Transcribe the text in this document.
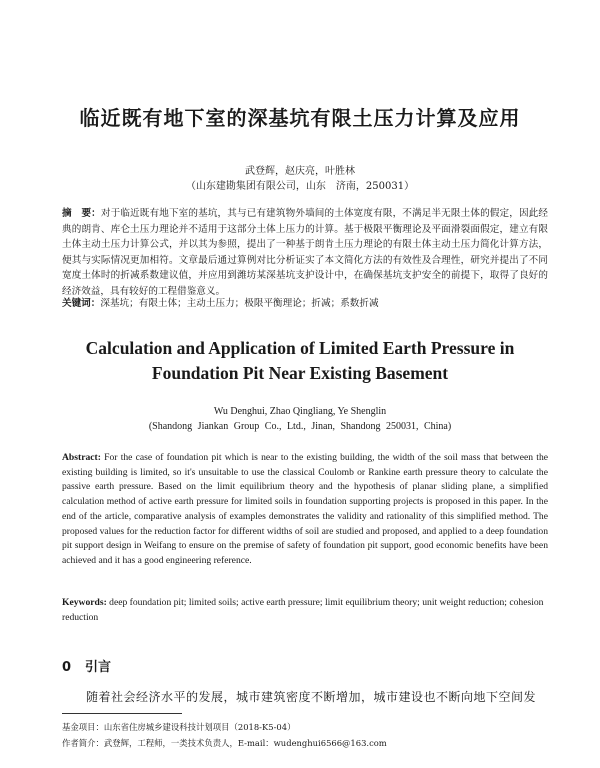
临近既有地下室的深基坑有限土压力计算及应用
武登辉，赵庆亮，叶胜林
（山东建勘集团有限公司，山东　济南，250031）
摘　要：对于临近既有地下室的基坑，其与已有建筑物外墙间的土体宽度有限，不满足半无限土体的假定，因此经典的朗肯、库仑土压力理论并不适用于这部分土体上压力的计算。基于极限平衡理论及平面滑裂面假定，建立有限土体主动土压力计算公式，并以其为参照，提出了一种基于朗肯土压力理论的有限土体主动土压力简化计算方法，便其与实际情况更加相符。文章最后通过算例对比分析证实了本文简化方法的有效性及合理性，研究并提出了不同宽度土体时的折减系数建议值，并应用到潍坊某深基坑支护设计中，在确保基坑支护安全的前提下，取得了良好的经济效益，具有较好的工程借鉴意义。
关键词：深基坑；有限土体；主动土压力；极限平衡理论；折减；系数折减
Calculation and Application of Limited Earth Pressure in
Foundation Pit Near Existing Basement
Wu Denghui, Zhao Qingliang, Ye Shenglin
(Shandong Jiankan Group Co., Ltd., Jinan, Shandong 250031, China)
Abstract: For the case of foundation pit which is near to the existing building, the width of the soil mass that between the existing building is limited, so it's unsuitable to use the classical Coulomb or Rankine earth pressure theory to calculate the passive earth pressure. Based on the limit equilibrium theory and the hypothesis of planar sliding plane, a simplified calculation method of active earth pressure for limited soils in foundation supporting projects is proposed in this paper. In the end of the article, comparative analysis of examples demonstrates the validity and rationality of this simplified method. The proposed values for the reduction factor for different widths of soil are studied and proposed, and applied to a deep foundation pit support design in Weifang to ensure on the premise of safety of foundation pit support, good economic benefits have been achieved and it has a good engineering reference.
Keywords: deep foundation pit; limited soils; active earth pressure; limit equilibrium theory; unit weight reduction; cohesion reduction
0 引言
随着社会经济水平的发展，城市建筑密度不断增加，城市建设也不断向地下空间发
基金项目：山东省住房城乡建设科技计划项目（2018-K5-04）
作者简介：武登辉，工程师，一类技术负责人，E-mail：wudenghui6566@163.com
